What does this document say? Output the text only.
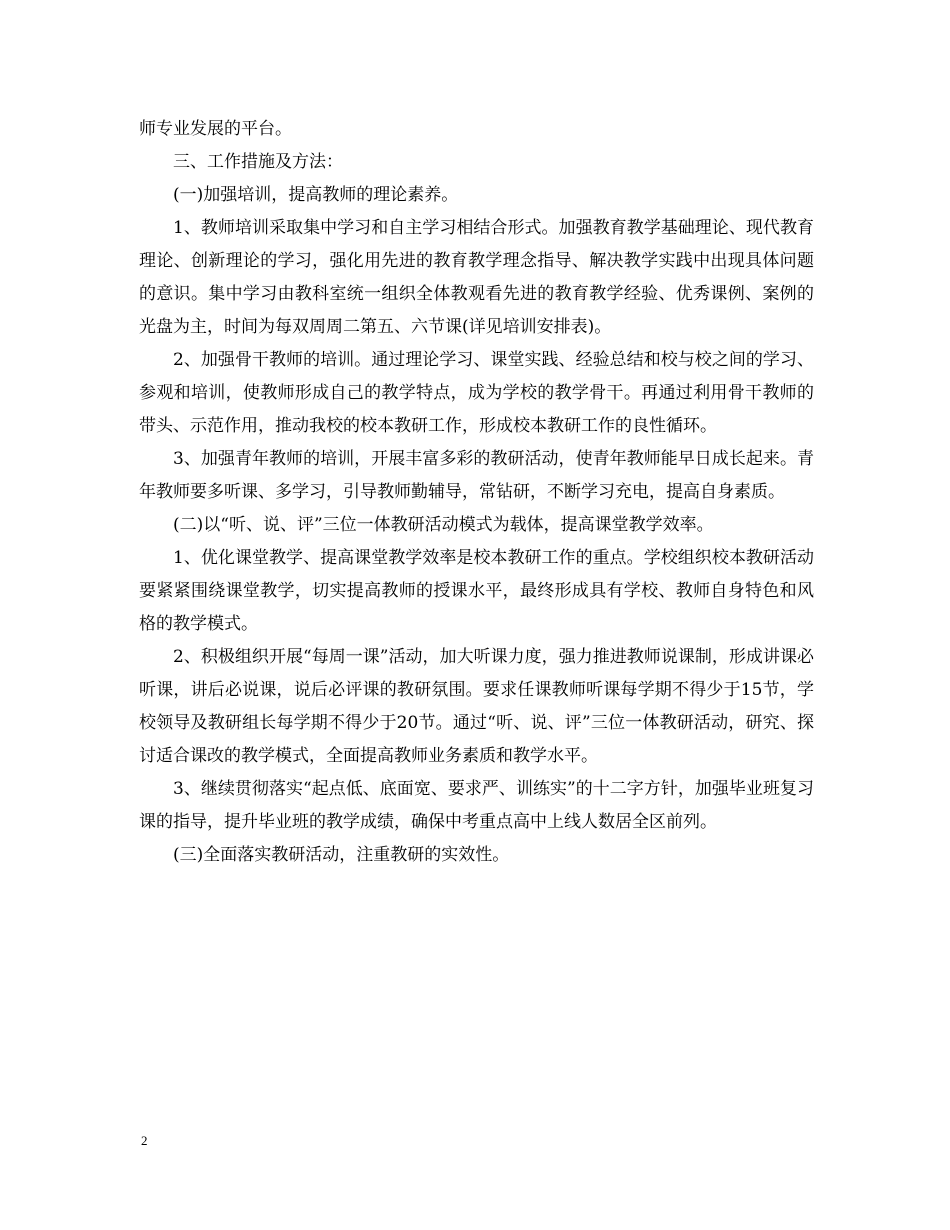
师专业发展的平台。

三、工作措施及方法：

(一)加强培训，提高教师的理论素养。

1、教师培训采取集中学习和自主学习相结合形式。加强教育教学基础理论、现代教育理论、创新理论的学习，强化用先进的教育教学理念指导、解决教学实践中出现具体问题的意识。集中学习由教科室统一组织全体教观看先进的教育教学经验、优秀课例、案例的光盘为主，时间为每双周周二第五、六节课(详见培训安排表)。

2、加强骨干教师的培训。通过理论学习、课堂实践、经验总结和校与校之间的学习、参观和培训，使教师形成自己的教学特点，成为学校的教学骨干。再通过利用骨干教师的带头、示范作用，推动我校的校本教研工作，形成校本教研工作的良性循环。

3、加强青年教师的培训，开展丰富多彩的教研活动，使青年教师能早日成长起来。青年教师要多听课、多学习，引导教师勤辅导，常钻研，不断学习充电，提高自身素质。

(二)以“听、说、评”三位一体教研活动模式为载体，提高课堂教学效率。

1、优化课堂教学、提高课堂教学效率是校本教研工作的重点。学校组织校本教研活动要紧紧围绕课堂教学，切实提高教师的授课水平，最终形成具有学校、教师自身特色和风格的教学模式。

2、积极组织开展“每周一课”活动，加大听课力度，强力推进教师说课制，形成讲课必听课，讲后必说课，说后必评课的教研氛围。要求任课教师听课每学期不得少于15节，学校领导及教研组长每学期不得少于20节。通过“听、说、评”三位一体教研活动，研究、探讨适合课改的教学模式，全面提高教师业务素质和教学水平。

3、继续贯彻落实“起点低、底面宽、要求严、训练实”的十二字方针，加强毕业班复习课的指导，提升毕业班的教学成绩，确保中考重点高中上线人数居全区前列。

(三)全面落实教研活动，注重教研的实效性。

2
